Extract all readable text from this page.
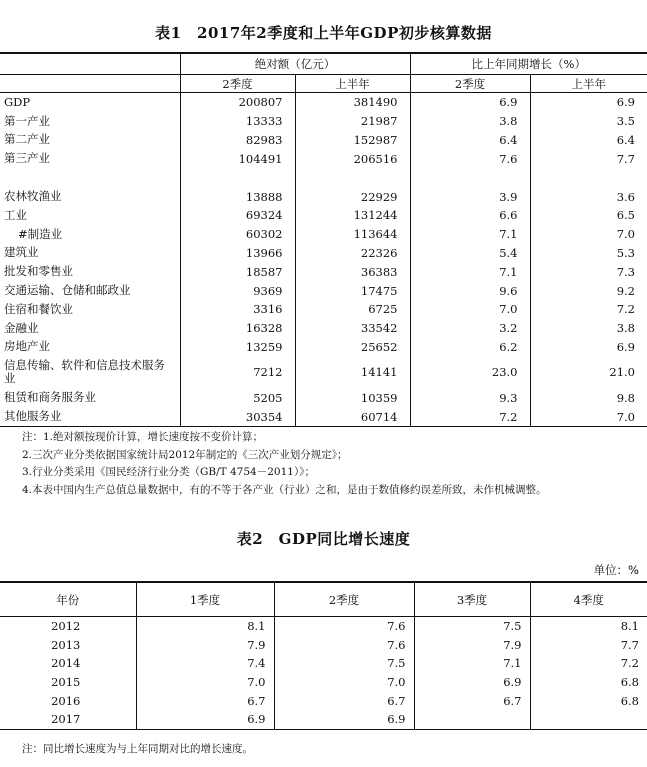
表1　2017年2季度和上半年GDP初步核算数据
	绝对额（亿元）		比上年同期增长（%）	
	2季度	上半年	2季度	上半年
GDP	200807	381490	6.9	6.9
第一产业	13333	21987	3.8	3.5
第二产业	82983	152987	6.4	6.4
第三产业	104491	206516	7.6	7.7

农林牧渔业	13888	22929	3.9	3.6
工业	69324	131244	6.6	6.5
#制造业	60302	113644	7.1	7.0
建筑业	13966	22326	5.4	5.3
批发和零售业	18587	36383	7.1	7.3
交通运输、仓储和邮政业	9369	17475	9.6	9.2
住宿和餐饮业	3316	6725	7.0	7.2
金融业	16328	33542	3.2	3.8
房地产业	13259	25652	6.2	6.9
信息传输、软件和信息技术服务业	7212	14141	23.0	21.0
租赁和商务服务业	5205	10359	9.3	9.8
其他服务业	30354	60714	7.2	7.0
注：1.绝对额按现价计算，增长速度按不变价计算；
2.三次产业分类依据国家统计局2012年制定的《三次产业划分规定》；
3.行业分类采用《国民经济行业分类（GB/T 4754－2011）》；
4.本表中国内生产总值总量数据中，有的不等于各产业（行业）之和，是由于数值修约误差所致，未作机械调整。
表2　GDP同比增长速度
单位：%
年份	1季度	2季度	3季度	4季度
2012	8.1	7.6	7.5	8.1
2013	7.9	7.6	7.9	7.7
2014	7.4	7.5	7.1	7.2
2015	7.0	7.0	6.9	6.8
2016	6.7	6.7	6.7	6.8
2017	6.9	6.9		
注：同比增长速度为与上年同期对比的增长速度。
